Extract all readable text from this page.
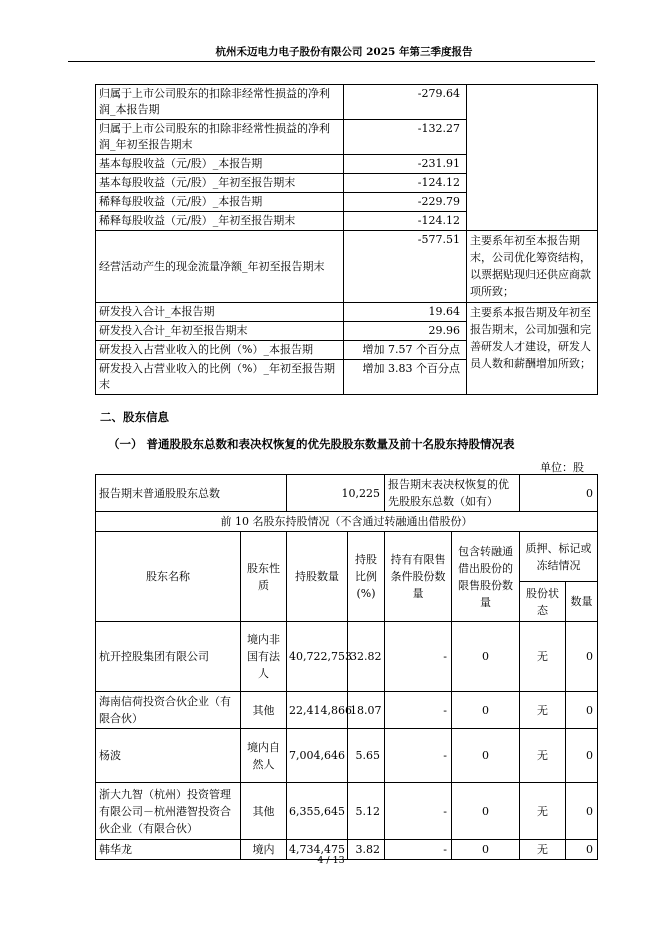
杭州禾迈电力电子股份有限公司 2025 年第三季度报告
归属于上市公司股东的扣除非经常性损益的净利润_本报告期	-279.64	
归属于上市公司股东的扣除非经常性损益的净利润_年初至报告期末	-132.27	
基本每股收益（元/股）_本报告期	-231.91	
基本每股收益（元/股）_年初至报告期末	-124.12	
稀释每股收益（元/股）_本报告期	-229.79	
稀释每股收益（元/股）_年初至报告期末	-124.12	
经营活动产生的现金流量净额_年初至报告期末	-577.51	主要系年初至本报告期末，公司优化筹资结构，以票据贴现归还供应商款项所致；
研发投入合计_本报告期	19.64	主要系本报告期及年初至报告期末，公司加强和完善研发人才建设，研发人员人数和薪酬增加所致；
研发投入合计_年初至报告期末	29.96	
研发投入占营业收入的比例（%）_本报告期	增加 7.57 个百分点	
研发投入占营业收入的比例（%）_年初至报告期末	增加 3.83 个百分点	
二、股东信息
（一） 普通股股东总数和表决权恢复的优先股股东数量及前十名股东持股情况表
单位：股
报告期末普通股股东总数		10,225		报告期末表决权恢复的优先股股东总数（如有）		0	
前 10 名股东持股情况（不含通过转融通出借股份）							
股东名称	股东性质	持股数量	持股比例(%)	持有有限售条件股份数量	包含转融通借出股份的限售股份数量	质押、标记或冻结情况	
						股份状态	数量
杭开控股集团有限公司	境内非国有法人	40,722,753	32.82	-	0	无	0
海南信荷投资合伙企业（有限合伙）	其他	22,414,866	18.07	-	0	无	0
杨波	境内自然人	7,004,646	5.65	-	0	无	0
浙大九智（杭州）投资管理有限公司－杭州港智投资合伙企业（有限合伙）	其他	6,355,645	5.12	-	0	无	0
韩华龙	境内	4,734,475	3.82	-	0	无	0
4 / 13
